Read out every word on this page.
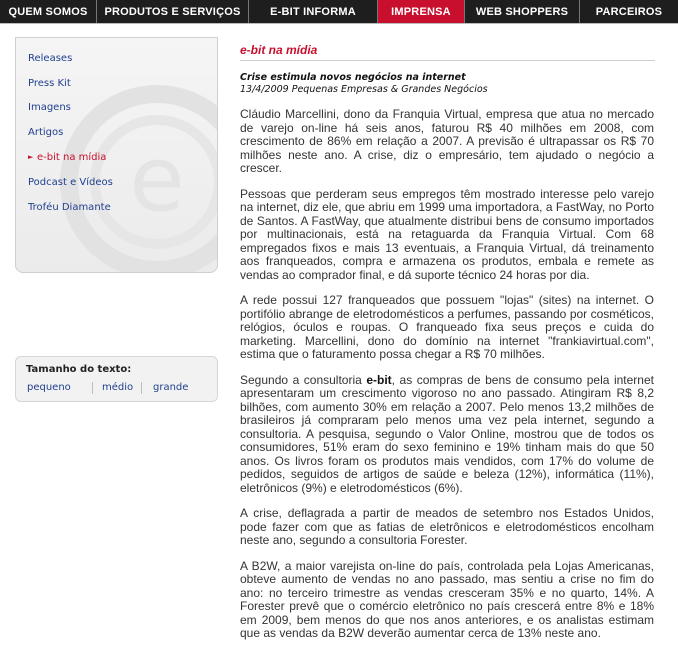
QUEM SOMOS	PRODUTOS E SERVIÇOS	E-BIT INFORMA	IMPRENSA	WEB SHOPPERS	PARCEIROS
e
Releases
Press Kit
Imagens
Artigos
► e-bit na mídia
Podcast e Vídeos
Troféu Diamante
Tamanho do texto:
pequeno	médio grande
e-bit na mídia
Crise estimula novos negócios na internet
13/4/2009 Pequenas Empresas & Grandes Negócios

Cláudio Marcellini, dono da Franquia Virtual, empresa que atua no mercado de varejo on-line há seis anos, faturou R$ 40 milhões em 2008, com crescimento de 86% em relação a 2007. A previsão é ultrapassar os R$ 70 milhões neste ano. A crise, diz o empresário, tem ajudado o negócio a crescer.

Pessoas que perderam seus empregos têm mostrado interesse pelo varejo na internet, diz ele, que abriu em 1999 uma importadora, a FastWay, no Porto de Santos. A FastWay, que atualmente distribui bens de consumo importados por multinacionais, está na retaguarda da Franquia Virtual. Com 68 empregados fixos e mais 13 eventuais, a Franquia Virtual, dá treinamento aos franqueados, compra e armazena os produtos, embala e remete as vendas ao comprador final, e dá suporte técnico 24 horas por dia.

A rede possui 127 franqueados que possuem "lojas" (sites) na internet. O portifólio abrange de eletrodomésticos a perfumes, passando por cosméticos, relógios, óculos e roupas. O franqueado fixa seus preços e cuida do marketing. Marcellini, dono do domínio na internet "frankiavirtual.com", estima que o faturamento possa chegar a R$ 70 milhões.

Segundo a consultoria e-bit, as compras de bens de consumo pela internet apresentaram um crescimento vigoroso no ano passado. Atingiram R$ 8,2 bilhões, com aumento 30% em relação a 2007. Pelo menos 13,2 milhões de brasileiros já compraram pelo menos uma vez pela internet, segundo a consultoria. A pesquisa, segundo o Valor Online, mostrou que de todos os consumidores, 51% eram do sexo feminino e 19% tinham mais do que 50 anos. Os livros foram os produtos mais vendidos, com 17% do volume de pedidos, seguidos de artigos de saúde e beleza (12%), informática (11%), eletrônicos (9%) e eletrodomésticos (6%).

A crise, deflagrada a partir de meados de setembro nos Estados Unidos, pode fazer com que as fatias de eletrônicos e eletrodomésticos encolham neste ano, segundo a consultoria Forester.

A B2W, a maior varejista on-line do país, controlada pela Lojas Americanas, obteve aumento de vendas no ano passado, mas sentiu a crise no fim do ano: no terceiro trimestre as vendas cresceram 35% e no quarto, 14%. A Forester prevê que o comércio eletrônico no país crescerá entre 8% e 18% em 2009, bem menos do que nos anos anteriores, e os analistas estimam que as vendas da B2W deverão aumentar cerca de 13% neste ano.
